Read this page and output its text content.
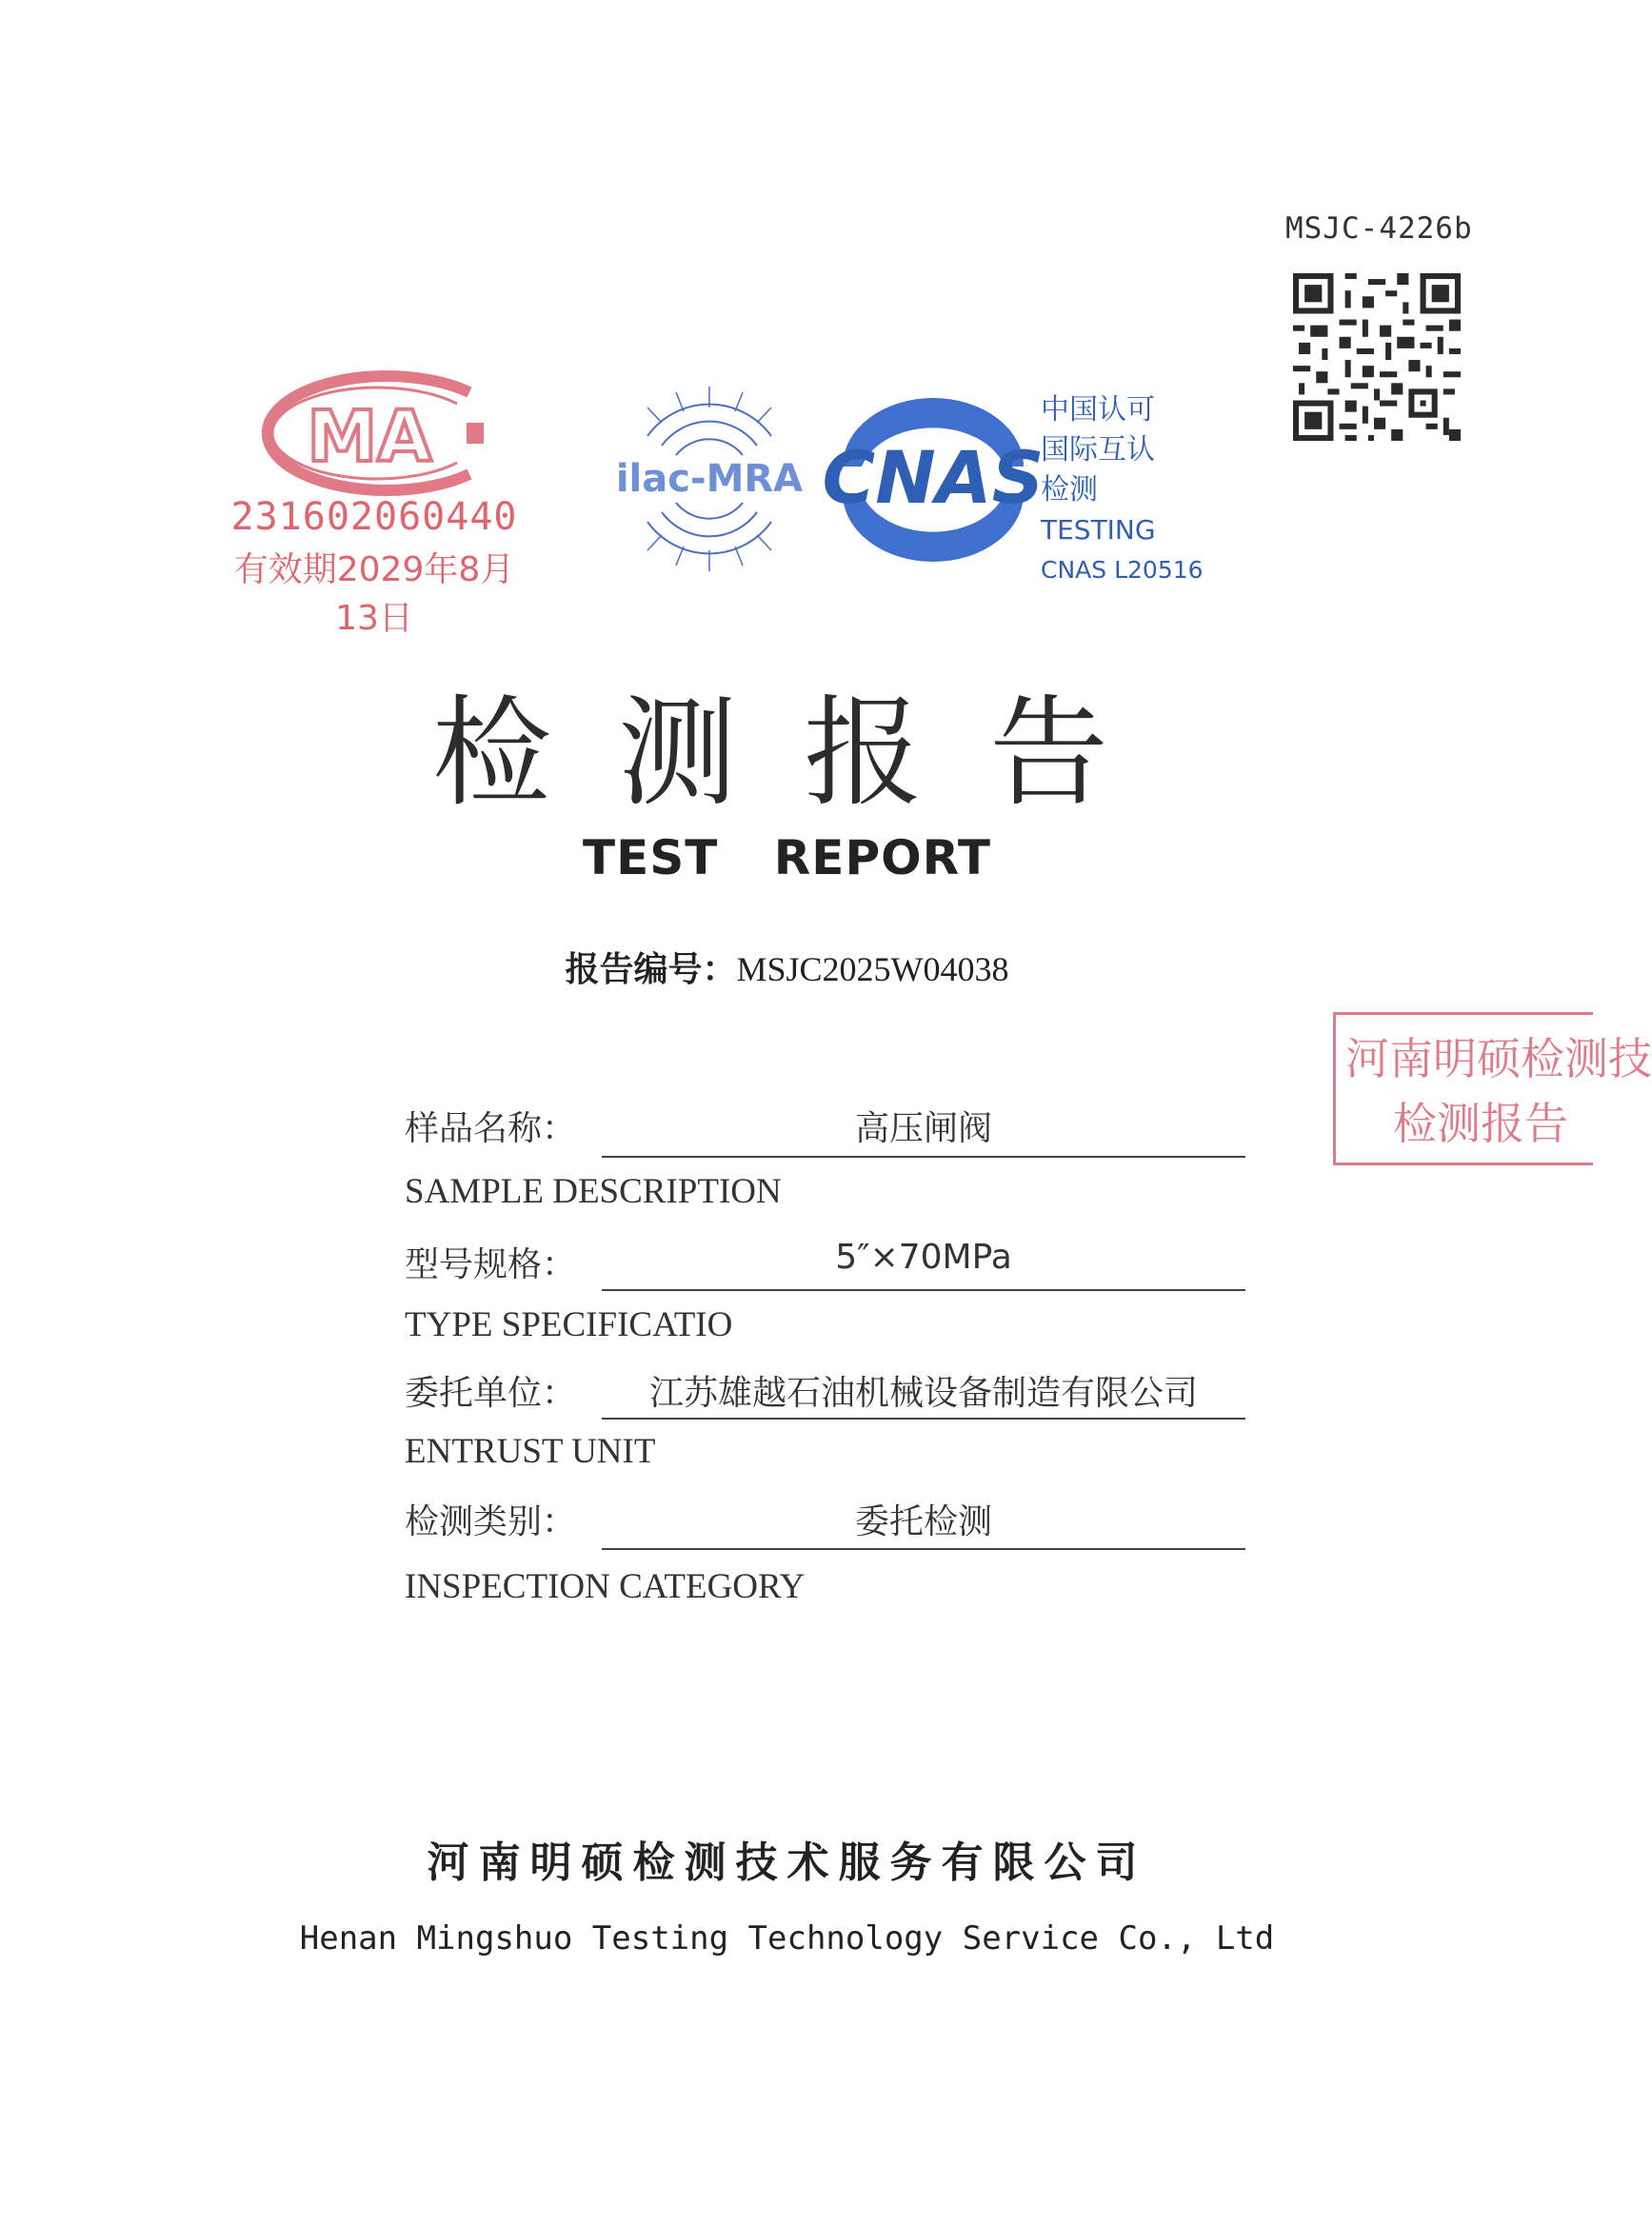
MSJC-4226b
MA
231602060440
有效期2029年8月13日
ilac-MRA CNAS
中国认可
国际互认
检测
TESTING
CNAS L20516
检测报告
TEST REPORT
报告编号：MSJC2025W04038
河南明硕检测技
检测报告
样品名称：	高压闸阀
SAMPLE DESCRIPTION
型号规格：	5″×70MPa
TYPE SPECIFICATIO
委托单位：	江苏雄越石油机械设备制造有限公司
ENTRUST UNIT
检测类别：	委托检测
INSPECTION CATEGORY
河南明硕检测技术服务有限公司
Henan Mingshuo Testing Technology Service Co., Ltd
